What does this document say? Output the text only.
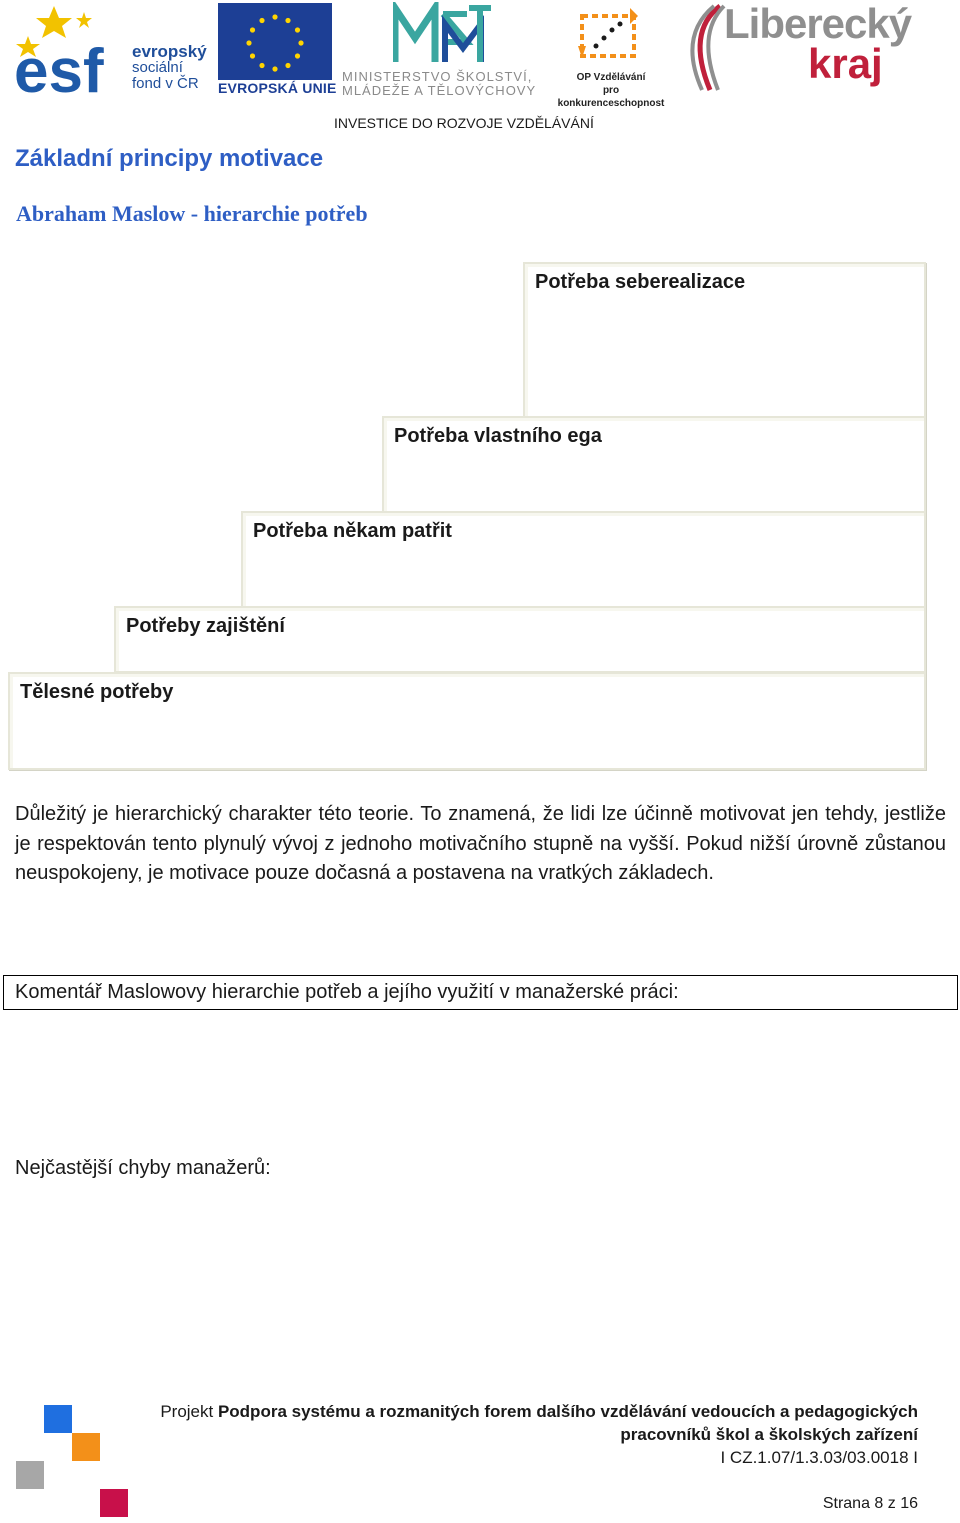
esf evropský
sociální
fond v ČR	EVROPSKÁ UNIE
MINISTERSTVO ŠKOLSTVÍ,
MLÁDEŽE A TĚLOVÝCHOVY
OP Vzdělávání
pro konkurenceschopnost
Liberecký
kraj
INVESTICE DO ROZVOJE VZDĚLÁVÁNÍ
Základní principy motivace
Abraham Maslow - hierarchie potřeb
Potřeba seberealizace
Potřeba vlastního ega
Potřeba někam patřit
Potřeby zajištění
Tělesné potřeby
Důležitý je hierarchický charakter této teorie. To znamená, že lidi lze účinně motivovat jen tehdy, jestliže je respektován tento plynulý vývoj z jednoho motivačního stupně na vyšší. Pokud nižší úrovně zůstanou neuspokojeny, je motivace pouze dočasná a postavena na vratkých základech.
Komentář Maslowovy hierarchie potřeb a jejího využití v manažerské práci:
Nejčastější chyby manažerů:
Projekt Podpora systému a rozmanitých forem dalšího vzdělávání vedoucích a pedagogických
pracovníků škol a školských zařízení
I CZ.1.07/1.3.03/03.0018 I
Strana 8 z 16
